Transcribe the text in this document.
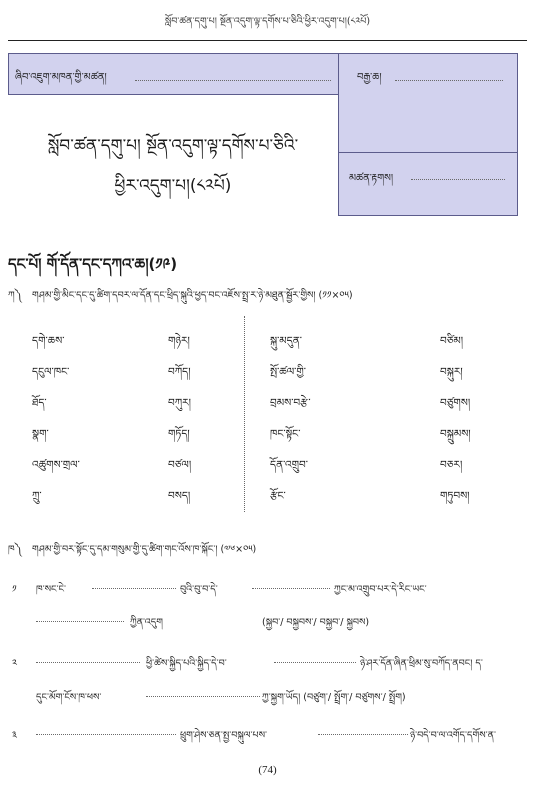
སློབ་ཚན་དགུ་པ། སྔོན་འདུག་ལྟ་དགོས་པ་ཅིའི་ཕྱིར་འདུག་པ།(༨༢པོ)
ཞིབ་འཇུག་མཁན་གྱི་མཚན།	བརྒྱ་ཆ།
མཚན་རྟགས།
སློབ་ཚན་དགུ་པ། སྔོན་འདུག་ལྟ་དགོས་པ་ཅིའི་
ཕྱིར་འདུག་པ།(༨༢པོ)
དང་པོ། གོ་དོན་དང་དཀའ་ཆ།(༡༩)
ཀ༽ གཤམ་གྱི་མིང་དང་དུ་ཚིག་དབར་ལ་དོན་དང་ཕྲིད་སྐུའི་ཕྱད་བང་འཇོས་སྤྲ་ར་ཉེ་མཐུན་སྦྱོར་གྱིས། (༡༡×༠༥)
དགེ་ཆས་	གཉེར།
དངུལ་ཁང་	བཀོད།
ཐོད་	བཀུར།
སྣག་	གཏོད།
འཚུགས་གྲལ་	བཙལ།
ཀྲུ་	བསད།
སྐུ་མདུན་	བཙིམ།
སྤོ་ཚལ་གྱི་	བསྐུར།
བྲམས་བརྩེ་	བཙུགས།
ཁང་སྟོང་	བསྐྲུམས།
དོན་འགྲུབ་	བཅར།
རྩོང་	གཏུབས།
ཁ༽ གཤམ་གྱི་བར་སྟོང་དུ་དམ་གསུམ་གྱི་དུ་ཚིག་གང་འོས་ཁ་སྐོང་། (༧༦×༠༥)
༡ ཁ་སང་ངེ་	བུའི་བུ་བ་དེ་	ཀྱང་མ་འགྲུབ་པར་དེ་རིང་ཡང་
ཀྱིན་འདུག	(སྐྱབ་/ བསྐྱབས་/ བསྐྱབ་/ སྐྱབས)
༢	ཕྱི་ཚེས་སྐྱིད་པའི་སྐྱིད་དེ་བ་	ཉེ་ཤར་དོན་ཞིན་ཕྲིམ་སུ་བཀོད་ནབང། ད་
དུང་མོག་ངོས་ཁ་ཕས་	ཀྱ་སྐྱག་ཡོད། (བཙུག་/ སྤྲོག་/ བཙུགས་/ སྤྲོག)
༣	ཕྲུག་ཤེས་ཅན་སྤྱ་བསྐུལ་པས་	ཉེ་བདེ་བ་ལ་འགོད་དགོས་ན་
(74)
